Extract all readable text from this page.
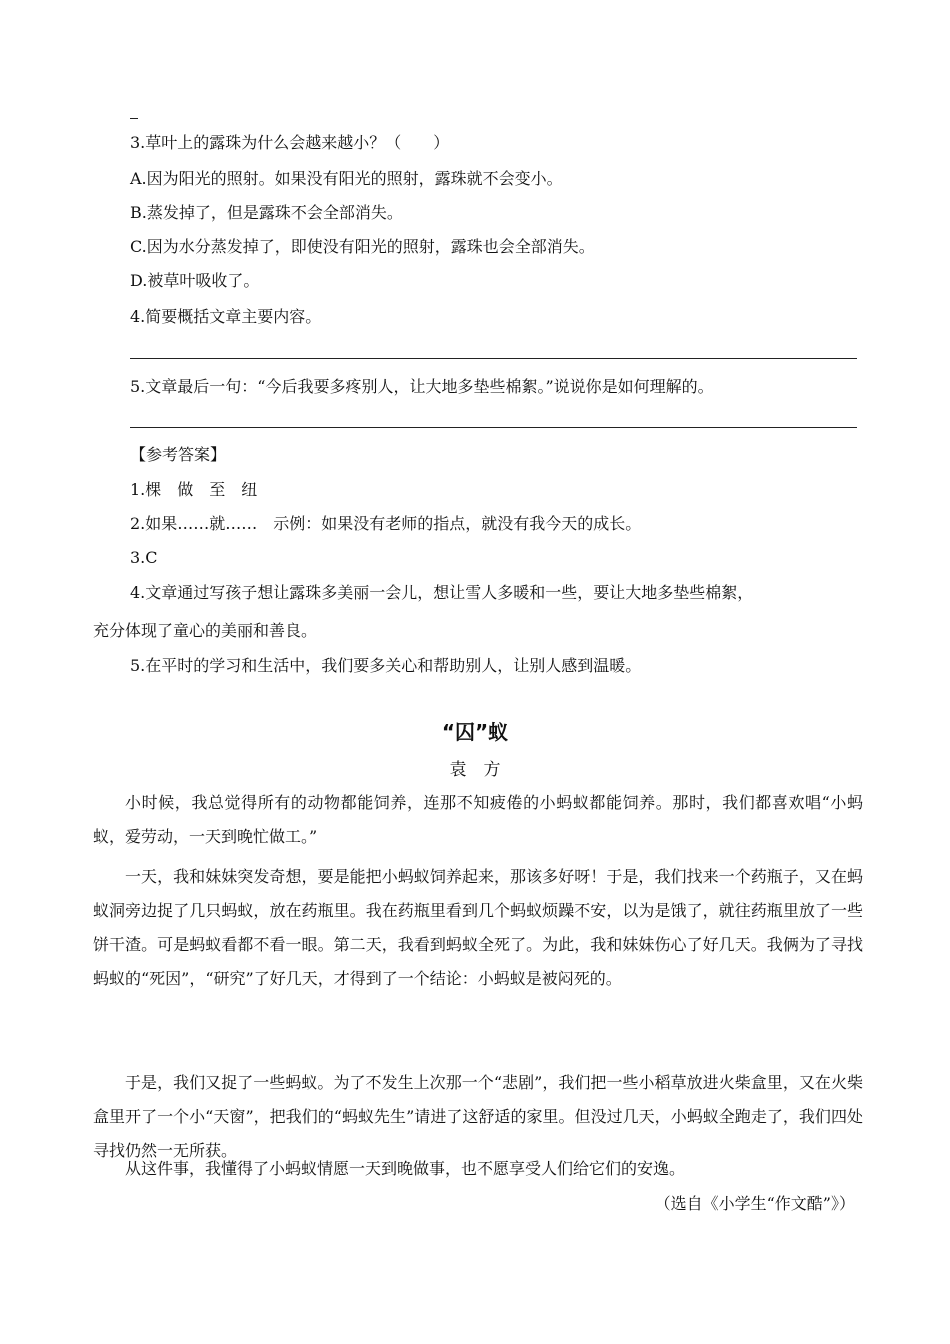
3.草叶上的露珠为什么会越来越小？（　　）
A.因为阳光的照射。如果没有阳光的照射，露珠就不会变小。
B.蒸发掉了，但是露珠不会全部消失。
C.因为水分蒸发掉了，即使没有阳光的照射，露珠也会全部消失。
D.被草叶吸收了。
4.简要概括文章主要内容。
5.文章最后一句：“今后我要多疼别人，让大地多垫些棉絮。”说说你是如何理解的。
【参考答案】
1.棵　做　至　纽
2.如果……就……　示例：如果没有老师的指点，就没有我今天的成长。
3.C
4.文章通过写孩子想让露珠多美丽一会儿，想让雪人多暖和一些，要让大地多垫些棉絮，
充分体现了童心的美丽和善良。
5.在平时的学习和生活中，我们要多关心和帮助别人，让别人感到温暖。
“囚”蚁
袁　方
小时候，我总觉得所有的动物都能饲养，连那不知疲倦的小蚂蚁都能饲养。那时，我们都喜欢唱“小蚂蚁，爱劳动，一天到晚忙做工。”
一天，我和妹妹突发奇想，要是能把小蚂蚁饲养起来，那该多好呀！于是，我们找来一个药瓶子，又在蚂蚁洞旁边捉了几只蚂蚁，放在药瓶里。我在药瓶里看到几个蚂蚁烦躁不安，以为是饿了，就往药瓶里放了一些饼干渣。可是蚂蚁看都不看一眼。第二天，我看到蚂蚁全死了。为此，我和妹妹伤心了好几天。我俩为了寻找蚂蚁的“死因”，“研究”了好几天，才得到了一个结论：小蚂蚁是被闷死的。
于是，我们又捉了一些蚂蚁。为了不发生上次那一个“悲剧”，我们把一些小稻草放进火柴盒里，又在火柴盒里开了一个小“天窗”，把我们的“蚂蚁先生”请进了这舒适的家里。但没过几天，小蚂蚁全跑走了，我们四处寻找仍然一无所获。
从这件事，我懂得了小蚂蚁情愿一天到晚做事，也不愿享受人们给它们的安逸。
（选自《小学生“作文酷”》）
